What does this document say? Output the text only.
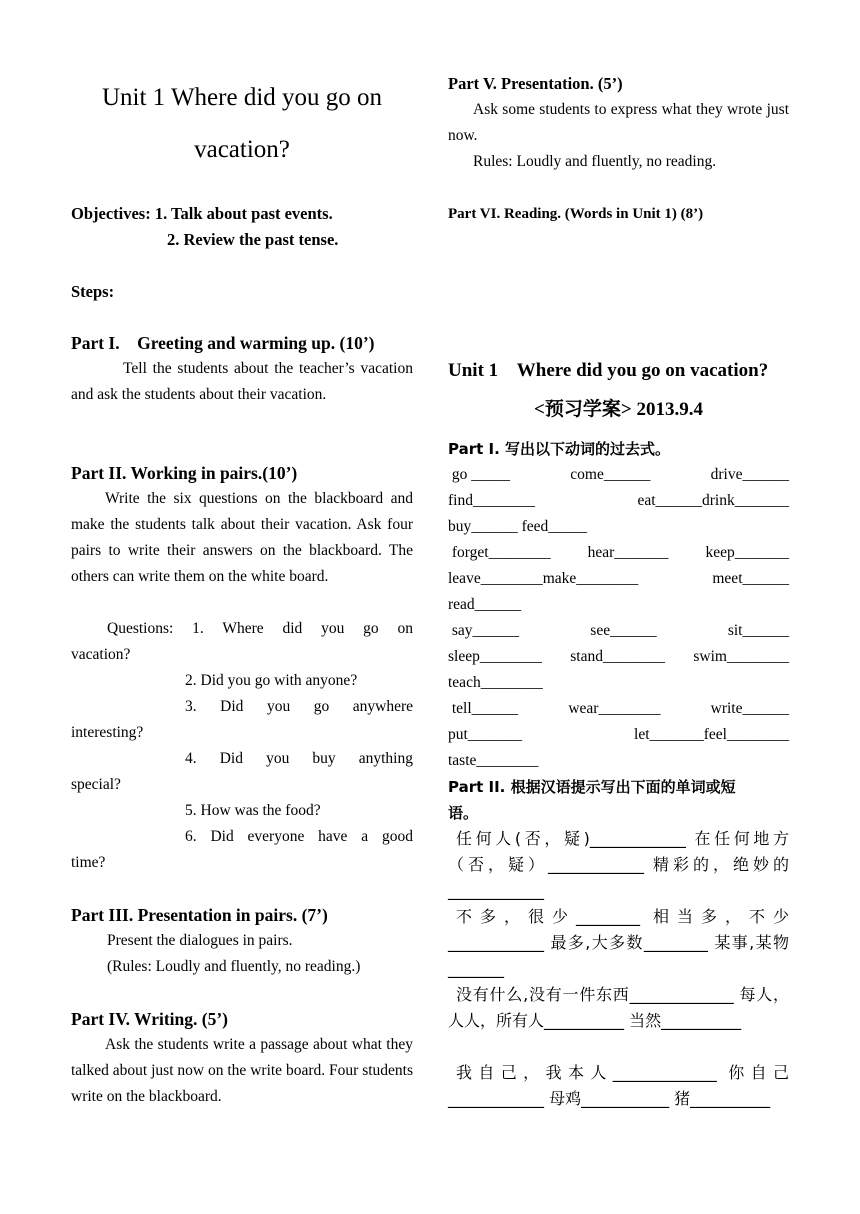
Unit 1 Where did you go on
vacation?
Objectives: 1. Talk about past events.
2. Review the past tense.
Steps:
Part I.    Greeting and warming up. (10’)
Tell the students about the teacher’s vacation and ask the students about their vacation.
Part II. Working in pairs.(10’)
Write the six questions on the blackboard and make the students talk about their vacation. Ask four pairs to write their answers on the blackboard. The others can write them on the white board.
Questions: 1. Where did you go on
vacation?
2. Did you go with anyone?
3. Did you go anywhere
interesting?
4. Did you buy anything
special?
5. How was the food?
6. Did everyone have a good
time?
Part III. Presentation in pairs. (7’)
Present the dialogues in pairs.
(Rules: Loudly and fluently, no reading.)
Part IV. Writing. (5’)
Ask the students write a passage about what they talked about just now on the write board. Four students write on the blackboard.
Part V. Presentation. (5’)
Ask some students to express what they wrote just now.
Rules: Loudly and fluently, no reading.
Part VI. Reading. (Words in Unit 1) (8’)
Unit 1    Where did you go on vacation?
<预习学案> 2013.9.4
Part I. 写出以下动词的过去式。
go _____	come______	drive______
find________	eat______drink_______
buy______ feed_____
forget________ hear_______ keep_______
leave________make________	meet______
read______
say______	see______	sit______
sleep________ stand________ swim________
teach________
tell______	wear________	write______
put_______	let_______feel________
taste________
Part II. 根据汉语提示写出下面的单词或短
语。
任何人(否，疑)____________ 在任何地方（否，疑）____________ 精彩的，绝妙的____________
不多，很少________ 相当多，不少____________ 最多,大多数________ 某事,某物_______
没有什么,没有一件东西_____________ 每人，人人，所有人__________ 当然__________
我自己，我本人_____________ 你自己____________ 母鸡___________ 猪__________
